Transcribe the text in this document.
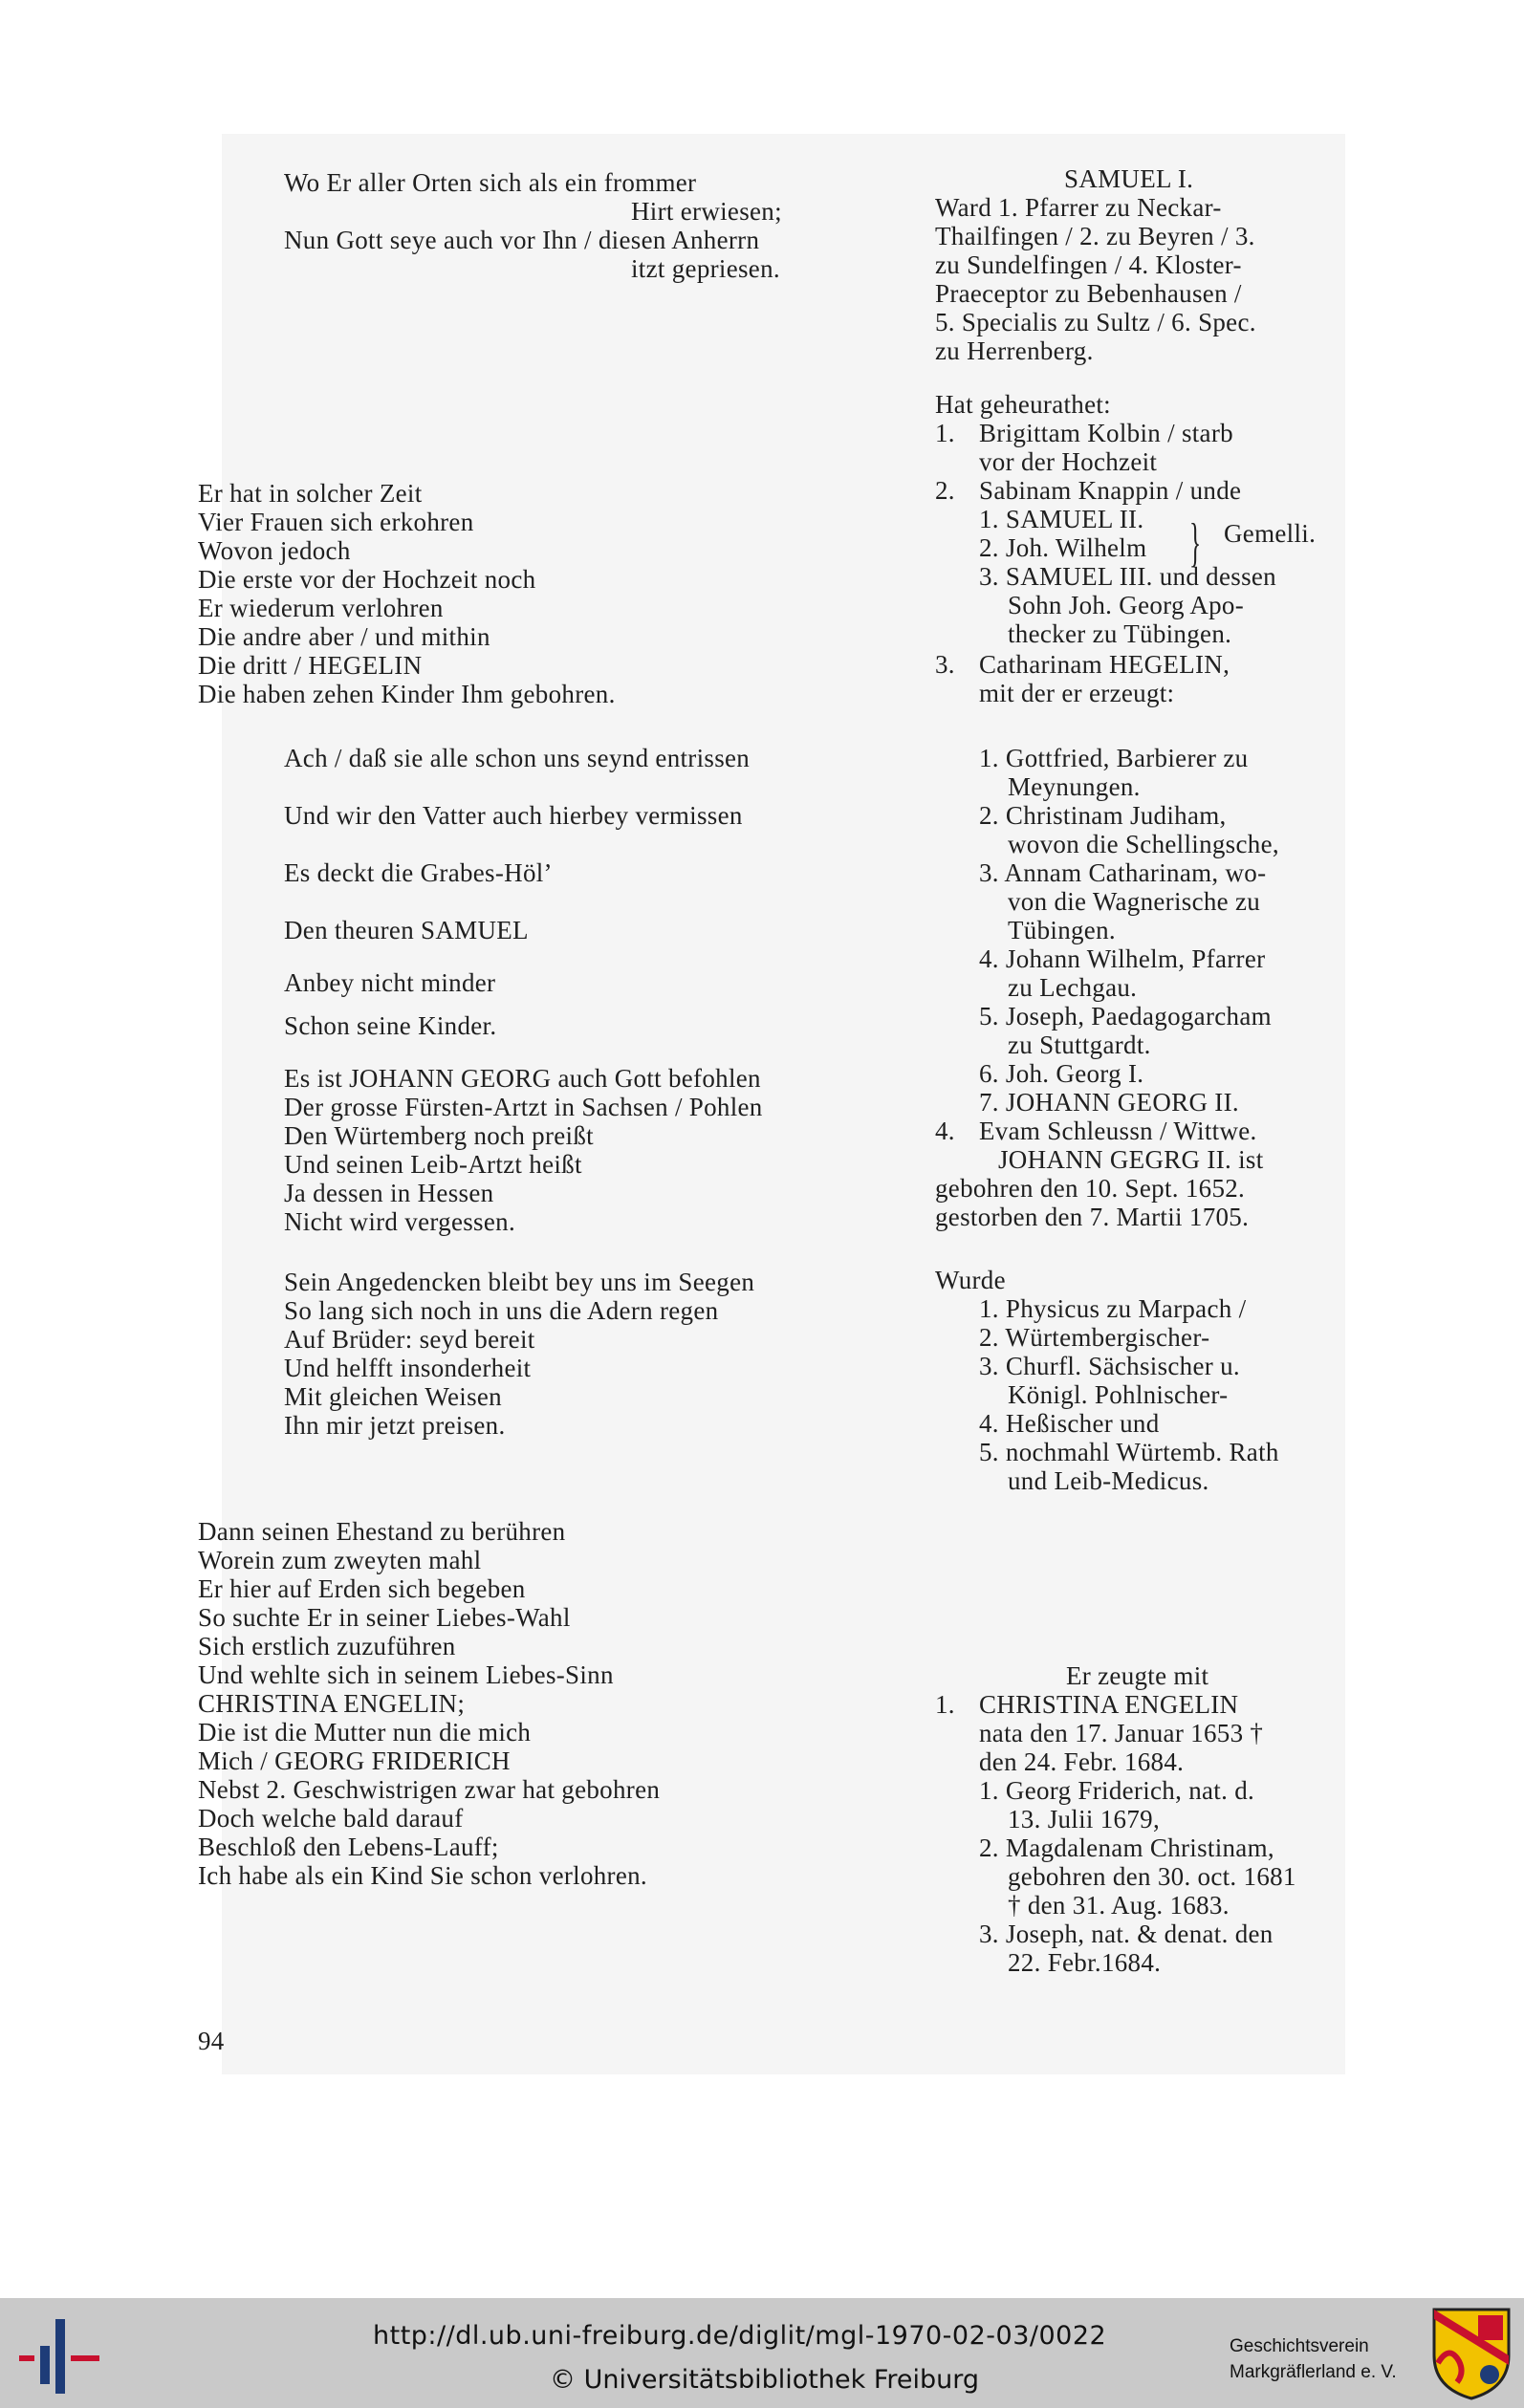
Wo Er aller Orten sich als ein frommer
Hirt erwiesen;
Nun Gott seye auch vor Ihn / diesen Anherrn
itzt gepriesen.
Er hat in solcher Zeit
Vier Frauen sich erkohren
Wovon jedoch
Die erste vor der Hochzeit noch
Er wiederum verlohren
Die andre aber / und mithin
Die dritt / HEGELIN
Die haben zehen Kinder Ihm gebohren.
Ach / daß sie alle schon uns seynd entrissen
Und wir den Vatter auch hierbey vermissen
Es deckt die Grabes-Höl’
Den theuren SAMUEL
Anbey nicht minder
Schon seine Kinder.
Es ist JOHANN GEORG auch Gott befohlen
Der grosse Fürsten-Artzt in Sachsen / Pohlen
Den Würtemberg noch preißt
Und seinen Leib-Artzt heißt
Ja dessen in Hessen
Nicht wird vergessen.
Sein Angedencken bleibt bey uns im Seegen
So lang sich noch in uns die Adern regen
Auf Brüder: seyd bereit
Und helfft insonderheit
Mit gleichen Weisen
Ihn mir jetzt preisen.
Dann seinen Ehestand zu berühren
Worein zum zweyten mahl
Er hier auf Erden sich begeben
So suchte Er in seiner Liebes-Wahl
Sich erstlich zuzuführen
Und wehlte sich in seinem Liebes-Sinn
CHRISTINA ENGELIN;
Die ist die Mutter nun die mich
Mich / GEORG FRIDERICH
Nebst 2. Geschwistrigen zwar hat gebohren
Doch welche bald darauf
Beschloß den Lebens-Lauff;
Ich habe als ein Kind Sie schon verlohren.
SAMUEL I.
Ward 1. Pfarrer zu Neckar-
Thailfingen / 2. zu Beyren / 3.
zu Sundelfingen / 4. Kloster-
Praeceptor zu Bebenhausen /
5. Specialis zu Sultz / 6. Spec.
zu Herrenberg.
Hat geheurathet:
1. Brigittam Kolbin / starb
vor der Hochzeit
2. Sabinam Knappin / unde
1. SAMUEL II.
2. Joh. Wilhelm	Gemelli.
3. SAMUEL III. und dessen
Sohn Joh. Georg Apo-
thecker zu Tübingen.
3. Catharinam HEGELIN,
mit der er erzeugt:
1. Gottfried, Barbierer zu
Meynungen.
2. Christinam Judiham,
wovon die Schellingsche,
3. Annam Catharinam, wo-
von die Wagnerische zu
Tübingen.
4. Johann Wilhelm, Pfarrer
zu Lechgau.
5. Joseph, Paedagogarcham
zu Stuttgardt.
6. Joh. Georg I.
7. JOHANN GEORG II.
4. Evam Schleussn / Wittwe.
JOHANN GEGRG II. ist
gebohren den 10. Sept. 1652.
gestorben den 7. Martii 1705.
Wurde
1. Physicus zu Marpach /
2. Würtembergischer-
3. Churfl. Sächsischer u.
Königl. Pohlnischer-
4. Heßischer und
5. nochmahl Würtemb. Rath
und Leib-Medicus.
Er zeugte mit
1. CHRISTINA ENGELIN
nata den 17. Januar 1653 †
den 24. Febr. 1684.
1. Georg Friderich, nat. d.
13. Julii 1679,
2. Magdalenam Christinam,
gebohren den 30. oct. 1681
† den 31. Aug. 1683.
3. Joseph, nat. & denat. den
22. Febr.1684.
}
94
http://dl.ub.uni-freiburg.de/diglit/mgl-1970-02-03/0022
© Universitätsbibliothek Freiburg
Geschichtsverein
Markgräflerland e. V.
